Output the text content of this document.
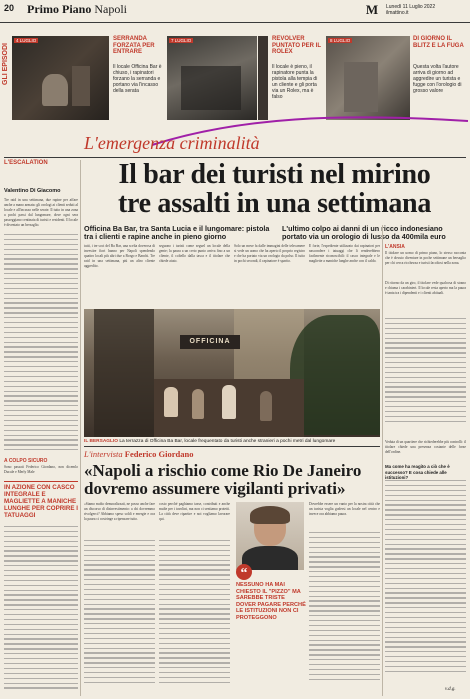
20 Primo Piano Napoli	M Lunedì 11 Luglio 2022
ilmattino.it
GLI EPISODI
4 LUGLIO	SERRANDA FORZATA PER ENTRARE
Il locale Officina Bar è chiuso, i rapinatori forzano la serranda e portano via l'incasso della serata
7 LUGLIO	REVOLVER PUNTATO PER IL ROLEX
Il locale è pieno, il rapinatore punta la pistola alla tempia di un cliente e gli porta via un Rolex, ma è falso
8 LUGLIO	DI GIORNO IL BLITZ E LA FUGA
Questa volta l'autore arriva di giorno ad aggredire un turista e fugge con l'orologio di grosso valore
L'emergenza criminalità
L'ESCALATION
Valentino Di Giacomo
Il bar dei turisti nel mirino
tre assalti in una settimana
Officina Ba Bar, tra Santa Lucia e il lungomare: pistola tra i clienti e rapine anche in pieno giorno
L'ultimo colpo ai danni di un ricco indonesiano portato via un orologio di lusso da 400mila euro
Tre raid in una settimana, due rapine per affare anche a mano armata: gli orologi ai clienti seduti al locale e all'incasso nelle serate. Il tutto in una zona a pochi passi dal lungomare, dove ogni sera passeggiano centinaia di turisti e residenti. Il locale è diventato un bersaglio.
A COLPO SICURO
Sono passati Federico Giordano, non dicemlo Ducale e Merly Male
IN AZIONE CON CASCO INTEGRALE E MAGLIETTE A MANICHE LUNGHE PER COPRIRE I TATUAGGI
tutti, i tre soci del Ba Bar, una scelta doverosa di investire fiori hanno per Napoli spendendo quattro locali più altri due a Borgo e Banchi. Tre raid in una settimana, più un altro cliente aggredito.
seguono i turisti come seguel un locale della gente; la paura a un certo punto arriva fino a un cliente, il coltello dalla tasca e il titolare che chiede aiuto.
Solo un mese fa dalle immagini delle telecamere si vede un uomo che ha aperto il proprio registro e che ha portato via un orologio da polso. Il tutto in pochi secondi, il rapinatore è sparito.
È forte, l'espediente utilizzato dai rapinatori per nascondere i tatuaggi che li renderebbero facilmente riconoscibili: il casco integrale e le magliette a maniche lunghe anche con il caldo.
L'ANSIA
Il titolare un uomo di primo piano, lo stesso racconta che è dovuto diventare in poche settimane un bersaglio per chi cerca ricchezza e turisti facoltosi nella zona.
Di ritorno da un giro, il titolare vede qualcosa di strano e chiama i carabinieri. Il locale resta aperto ma la paura è tanta tra i dipendenti e i clienti abituali.
OFFICINA
IL BERSAGLIO La terrazza di Officina Ba Bar, locale frequentato da turisti anche stranieri a pochi metri dal lungomare
L'intervista Federico Giordano
«Napoli a rischio come Rio De Janeiro
dovremo assumere vigilanti privati»
Veduta di un quartiere che richiederebbe più controlli: il titolare chiede una presenza costante delle forze dell'ordine.
Ma come ha reagito a ciò che è successo? E cosa chiede alle istituzioni?
v.d.g.
«Siamo molto demoralizzati, ne posso anche fare un discorso di disinvestimento: a chi dovremmo rivolgerci? Abbiamo speso soldi e energie e ora la paura ci costringe a ripensare tutto.
costo perché paghiamo tasse, contributi e anche multe per i tavolini, ma non ci sentiamo protetti. La città deve ripartire e noi vogliamo lavorare qui.
“
NESSUNO HA MAI CHIESTO IL "PIZZO" MA SAREBBE TRISTE DOVER PAGARE PERCHÉ LE ISTITUZIONI NON CI PROTEGGONO
Dovrebbe essere un vanto per la nostra città che un turista voglia godersi un locale nel centro e invece ora abbiamo paura.
